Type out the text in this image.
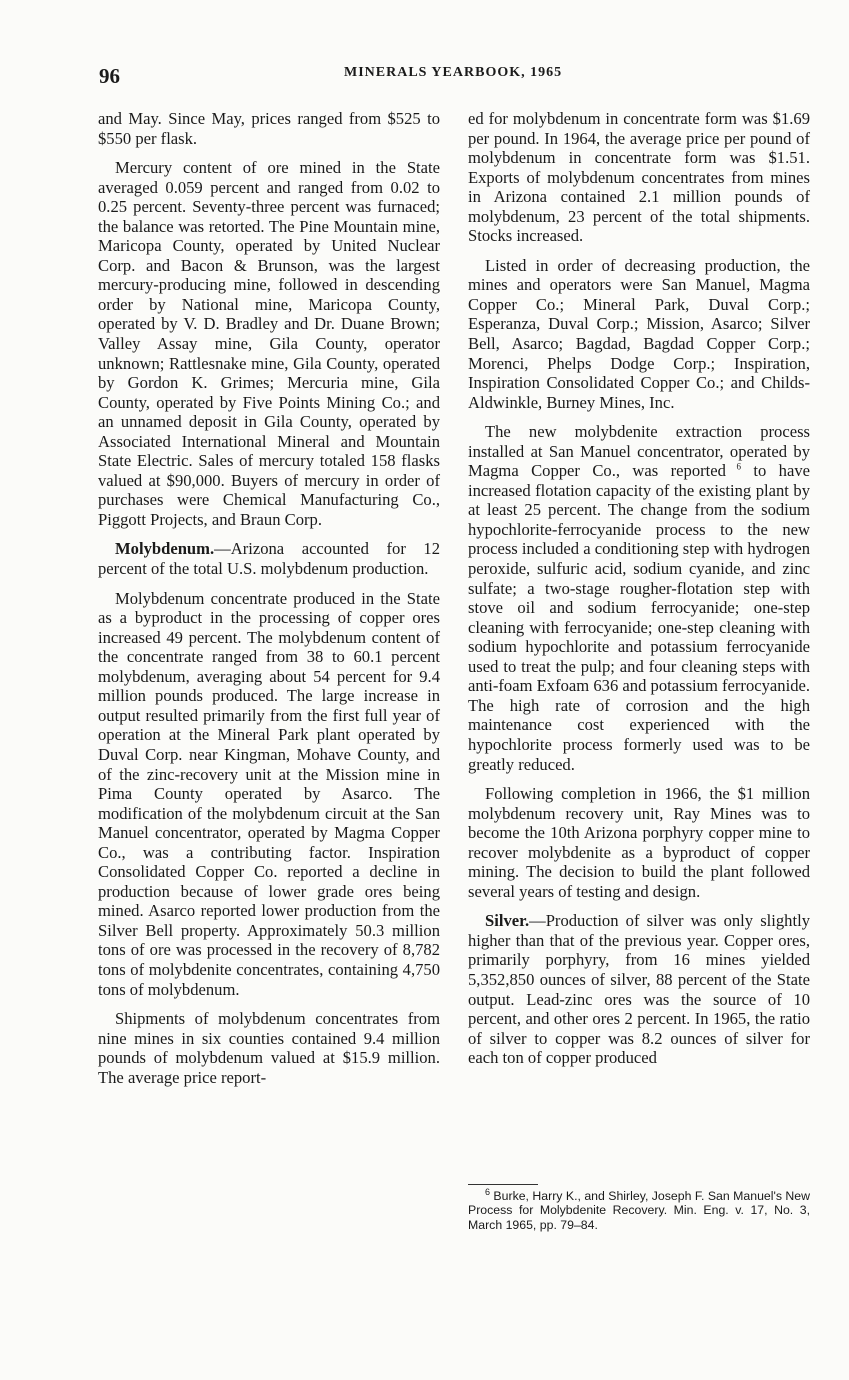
96	MINERALS YEARBOOK, 1965

and May. Since May, prices ranged from $525 to $550 per flask.

Mercury content of ore mined in the State averaged 0.059 percent and ranged from 0.02 to 0.25 percent. Seventy-three percent was furnaced; the balance was retorted. The Pine Mountain mine, Maricopa County, operated by United Nuclear Corp. and Bacon & Brunson, was the largest mercury-producing mine, followed in descending order by National mine, Maricopa County, operated by V. D. Bradley and Dr. Duane Brown; Valley Assay mine, Gila County, operator unknown; Rattlesnake mine, Gila County, operated by Gordon K. Grimes; Mercuria mine, Gila County, operated by Five Points Mining Co.; and an unnamed deposit in Gila County, operated by Associated International Mineral and Mountain State Electric. Sales of mercury totaled 158 flasks valued at $90,000. Buyers of mercury in order of purchases were Chemical Manufacturing Co., Piggott Projects, and Braun Corp.

Molybdenum.—Arizona accounted for 12 percent of the total U.S. molybdenum production.

Molybdenum concentrate produced in the State as a byproduct in the processing of copper ores increased 49 percent. The molybdenum content of the concentrate ranged from 38 to 60.1 percent molybdenum, averaging about 54 percent for 9.4 million pounds produced. The large increase in output resulted primarily from the first full year of operation at the Mineral Park plant operated by Duval Corp. near Kingman, Mohave County, and of the zinc-recovery unit at the Mission mine in Pima County operated by Asarco. The modification of the molybdenum circuit at the San Manuel concentrator, operated by Magma Copper Co., was a contributing factor. Inspiration Consolidated Copper Co. reported a decline in production because of lower grade ores being mined. Asarco reported lower production from the Silver Bell property. Approximately 50.3 million tons of ore was processed in the recovery of 8,782 tons of molybdenite concentrates, containing 4,750 tons of molybdenum.

Shipments of molybdenum concentrates from nine mines in six counties contained 9.4 million pounds of molybdenum valued at $15.9 million. The average price report-

ed for molybdenum in concentrate form was $1.69 per pound. In 1964, the average price per pound of molybdenum in concentrate form was $1.51. Exports of molybdenum concentrates from mines in Arizona contained 2.1 million pounds of molybdenum, 23 percent of the total shipments. Stocks increased.

Listed in order of decreasing production, the mines and operators were San Manuel, Magma Copper Co.; Mineral Park, Duval Corp.; Esperanza, Duval Corp.; Mission, Asarco; Silver Bell, Asarco; Bagdad, Bagdad Copper Corp.; Morenci, Phelps Dodge Corp.; Inspiration, Inspiration Consolidated Copper Co.; and Childs-Aldwinkle, Burney Mines, Inc.

The new molybdenite extraction process installed at San Manuel concentrator, operated by Magma Copper Co., was reported $^6$ to have increased flotation capacity of the existing plant by at least 25 percent. The change from the sodium hypochlorite-ferrocyanide process to the new process included a conditioning step with hydrogen peroxide, sulfuric acid, sodium cyanide, and zinc sulfate; a two-stage rougher-flotation step with stove oil and sodium ferrocyanide; one-step cleaning with ferrocyanide; one-step cleaning with sodium hypochlorite and potassium ferrocyanide used to treat the pulp; and four cleaning steps with anti-foam Exfoam 636 and potassium ferrocyanide. The high rate of corrosion and the high maintenance cost experienced with the hypochlorite process formerly used was to be greatly reduced.

Following completion in 1966, the $1 million molybdenum recovery unit, Ray Mines was to become the 10th Arizona porphyry copper mine to recover molybdenite as a byproduct of copper mining. The decision to build the plant followed several years of testing and design.

Silver.—Production of silver was only slightly higher than that of the previous year. Copper ores, primarily porphyry, from 16 mines yielded 5,352,850 ounces of silver, 88 percent of the State output. Lead-zinc ores was the source of 10 percent, and other ores 2 percent. In 1965, the ratio of silver to copper was 8.2 ounces of silver for each ton of copper produced

$^6$ Burke, Harry K., and Shirley, Joseph F. San Manuel's New Process for Molybdenite Recovery. Min. Eng. v. 17, No. 3, March 1965, pp. 79–84.
